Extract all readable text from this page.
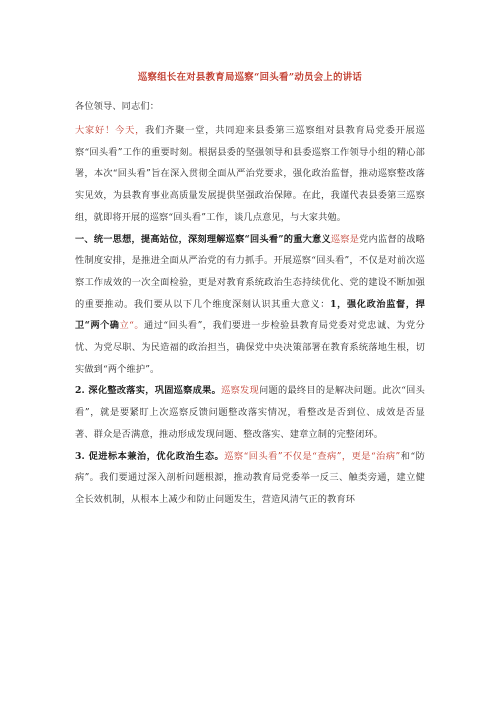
巡察组长在对县教育局巡察“回头看”动员会上的讲话
各位领导、同志们：
大家好！今天，我们齐聚一堂，共同迎来县委第三巡察组对县教育局党委开展巡察“回头看”工作的重要时刻。根据县委的坚强领导和县委巡察工作领导小组的精心部署，本次“回头看”旨在深入贯彻全面从严治党要求，强化政治监督，推动巡察整改落实见效，为县教育事业高质量发展提供坚强政治保障。在此，我谨代表县委第三巡察组，就即将开展的巡察“回头看”工作，谈几点意见，与大家共勉。
一、统一思想，提高站位，深刻理解巡察“回头看”的重大意义巡察是党内监督的战略性制度安排，是推进全面从严治党的有力抓手。开展巡察“回头看”，不仅是对前次巡察工作成效的一次全面检验，更是对教育系统政治生态持续优化、党的建设不断加强的重要推动。我们要从以下几个维度深刻认识其重大意义：1，强化政治监督，捍卫“两个确立“。通过“回头看”，我们要进一步检验县教育局党委对党忠诚、为党分忧、为党尽职、为民造福的政治担当，确保党中央决策部署在教育系统落地生根，切实做到“两个维护”。
2. 深化整改落实，巩固巡察成果。巡察发现问题的最终目的是解决问题。此次“回头看”，就是要紧盯上次巡察反馈问题整改落实情况，看整改是否到位、成效是否显著、群众是否满意，推动形成发现问题、整改落实、建章立制的完整闭环。
3. 促进标本兼治，优化政治生态。巡察“回头看”不仅是“查病”，更是“治病”和“防病”。我们要通过深入剖析问题根源，推动教育局党委举一反三、触类旁通，建立健全长效机制，从根本上减少和防止问题发生，营造风清气正的教育环
